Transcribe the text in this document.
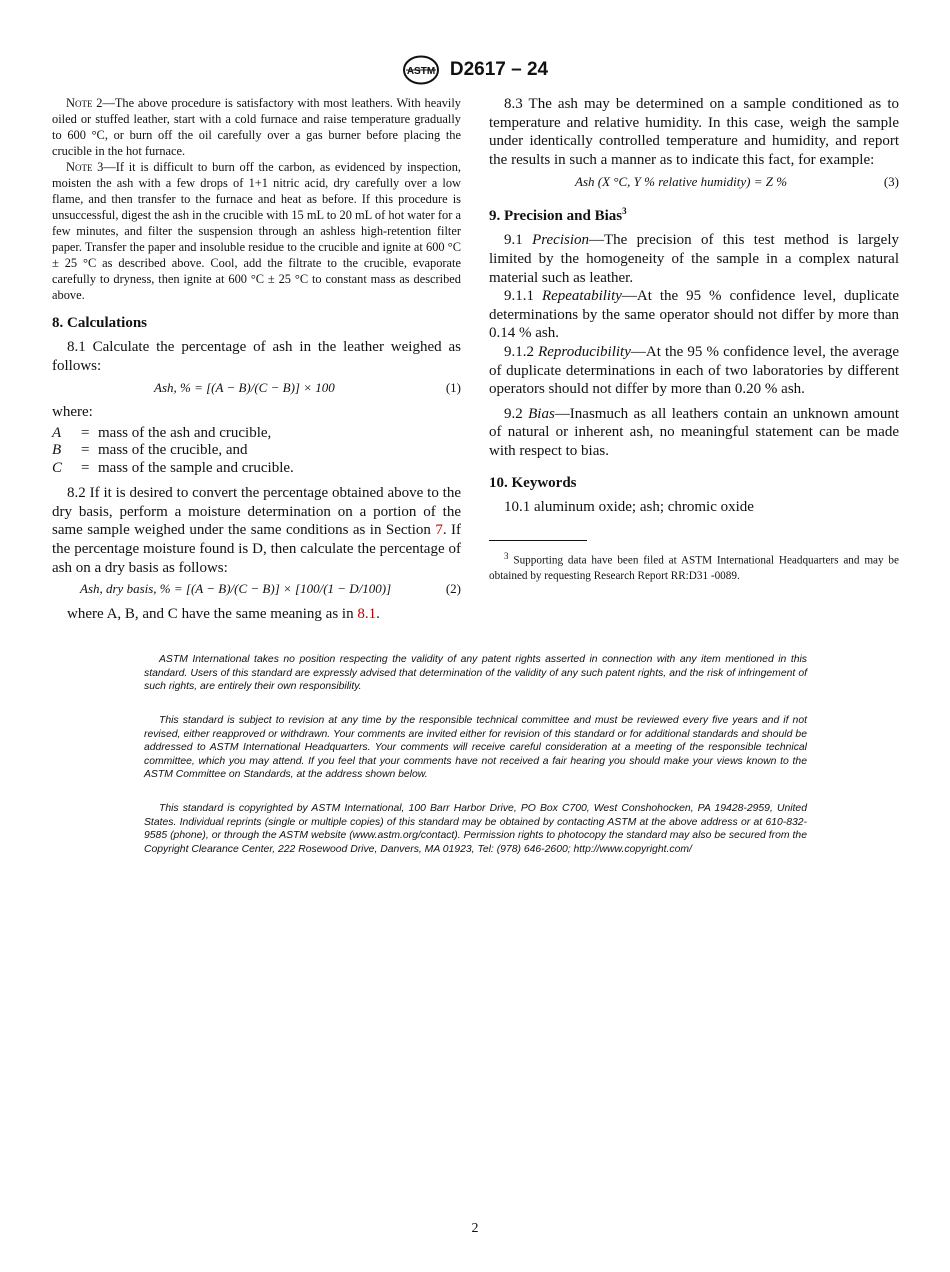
ASTM D2617 – 24

Note 2—The above procedure is satisfactory with most leathers. With heavily oiled or stuffed leather, start with a cold furnace and raise temperature gradually to 600 °C, or burn off the oil carefully over a gas burner before placing the crucible in the hot furnace.

Note 3—If it is difficult to burn off the carbon, as evidenced by inspection, moisten the ash with a few drops of 1+1 nitric acid, dry carefully over a low flame, and then transfer to the furnace and heat as before. If this procedure is unsuccessful, digest the ash in the crucible with 15 mL to 20 mL of hot water for a few minutes, and filter the suspension through an ashless high-retention filter paper. Transfer the paper and insoluble residue to the crucible and ignite at 600 °C ± 25 °C as described above. Cool, add the filtrate to the crucible, evaporate carefully to dryness, then ignite at 600 °C ± 25 °C to constant mass as described above.

8. Calculations

8.1 Calculate the percentage of ash in the leather weighed as follows:

Ash, % = [(A − B)/(C − B)] × 100	(1)

where:

A = mass of the ash and crucible,
B = mass of the crucible, and
C = mass of the sample and crucible.

8.2 If it is desired to convert the percentage obtained above to the dry basis, perform a moisture determination on a portion of the same sample weighed under the same conditions as in Section 7. If the percentage moisture found is D, then calculate the percentage of ash on a dry basis as follows:

Ash, dry basis, % = [(A − B)/(C − B)] × [100/(1 − D/100)]	(2)

where A, B, and C have the same meaning as in 8.1.

8.3 The ash may be determined on a sample conditioned as to temperature and relative humidity. In this case, weigh the sample under identically controlled temperature and humidity, and report the results in such a manner as to indicate this fact, for example:

Ash (X °C, Y % relative humidity) = Z %	(3)

9. Precision and Bias$^3$

9.1 Precision—The precision of this test method is largely limited by the homogeneity of the sample in a complex natural material such as leather.

9.1.1 Repeatability—At the 95 % confidence level, duplicate determinations by the same operator should not differ by more than 0.14 % ash.

9.1.2 Reproducibility—At the 95 % confidence level, the average of duplicate determinations in each of two laboratories by different operators should not differ by more than 0.20 % ash.

9.2 Bias—Inasmuch as all leathers contain an unknown amount of natural or inherent ash, no meaningful statement can be made with respect to bias.

10. Keywords

10.1 aluminum oxide; ash; chromic oxide

$^3$ Supporting data have been filed at ASTM International Headquarters and may be obtained by requesting Research Report RR:D31 -0089.

ASTM International takes no position respecting the validity of any patent rights asserted in connection with any item mentioned in this standard. Users of this standard are expressly advised that determination of the validity of any such patent rights, and the risk of infringement of such rights, are entirely their own responsibility.

This standard is subject to revision at any time by the responsible technical committee and must be reviewed every five years and if not revised, either reapproved or withdrawn. Your comments are invited either for revision of this standard or for additional standards and should be addressed to ASTM International Headquarters. Your comments will receive careful consideration at a meeting of the responsible technical committee, which you may attend. If you feel that your comments have not received a fair hearing you should make your views known to the ASTM Committee on Standards, at the address shown below.

This standard is copyrighted by ASTM International, 100 Barr Harbor Drive, PO Box C700, West Conshohocken, PA 19428-2959, United States. Individual reprints (single or multiple copies) of this standard may be obtained by contacting ASTM at the above address or at 610-832-9585 (phone), or through the ASTM website (www.astm.org/contact). Permission rights to photocopy the standard may also be secured from the Copyright Clearance Center, 222 Rosewood Drive, Danvers, MA 01923, Tel: (978) 646-2600; http://www.copyright.com/

2
